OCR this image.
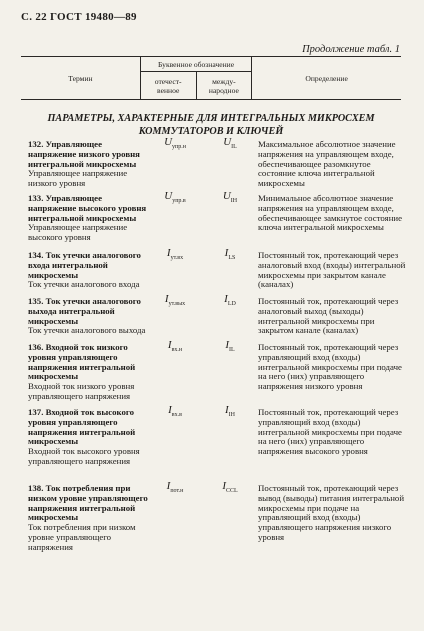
С. 22 ГОСТ 19480—89
Продолжение табл. 1
Термин	Буквенное обозначение		Определение
	отечест-
венное	между-
народное	
ПАРАМЕТРЫ, ХАРАКТЕРНЫЕ ДЛЯ ИНТЕГРАЛЬНЫХ МИКРОСХЕМ КОММУТАТОРОВ И КЛЮЧЕЙ
132. Управляющее напряжение низкого уровня интегральной микросхемы
Управляющее напряжение низкого уровня
$U_{упр.н}$	$U_{IL}$	Максимальное абсолютное значение напряжения на управляющем входе, обеспечивающее разомкнутое состояние ключа интегральной микросхемы
133. Управляющее напряжение высокого уровня интегральной микросхемы
Управляющее напряжение высокого уровня
$U_{упр.в}$	$U_{IH}$	Минимальное абсолютное значение напряжения на управляющем входе, обеспечивающее замкнутое состояние ключа интегральной микросхемы
134. Ток утечки аналогового входа интегральной микросхемы
Ток утечки аналогового входа
$I_{ут.вх}$	$I_{LS}$	Постоянный ток, протекающий через аналоговый вход (входы) интегральной микросхемы при закрытом канале (каналах)
135. Ток утечки аналогового выхода интегральной микросхемы
Ток утечки аналогового выхода
$I_{ут.вых}$	$I_{LD}$	Постоянный ток, протекающий через аналоговый выход (выходы) интегральной микросхемы при закрытом канале (каналах)
136. Входной ток низкого уровня управляющего напряжения интегральной микросхемы
Входной ток низкого уровня управляющего напряжения
$I_{вх.н}$	$I_{IL}$	Постоянный ток, протекающий через управляющий вход (входы) интегральной микросхемы при подаче на него (них) управляющего напряжения низкого уровня
137. Входной ток высокого уровня управляющего напряжения интегральной микросхемы
Входной ток высокого уровня управляющего напряжения
$I_{вх.в}$	$I_{IH}$	Постоянный ток, протекающий через управляющий вход (входы) интегральной микросхемы при подаче на него (них) управляющего напряжения высокого уровня
138. Ток потребления при низком уровне управляющего напряжения интегральной микросхемы
Ток потребления при низком уровне управляющего напряжения
$I_{пот.н}$	$I_{CCL}$	Постоянный ток, протекающий через вывод (выводы) питания интегральной микросхемы при подаче на управляющий вход (входы) управляющего напряжения низкого уровня
